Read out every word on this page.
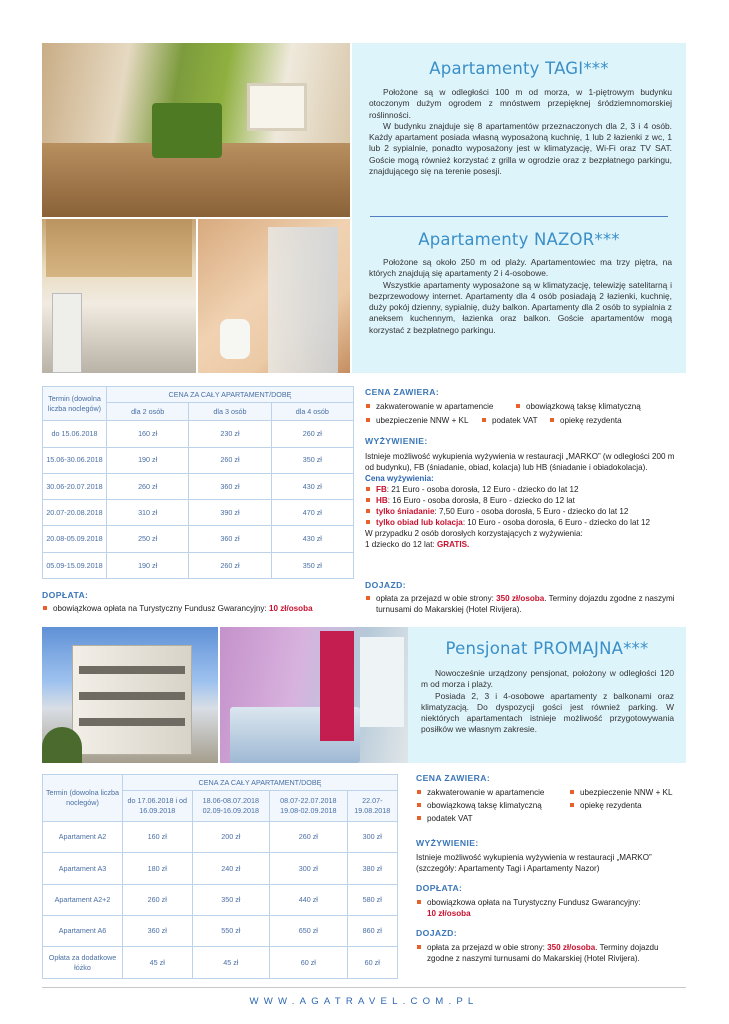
Apartamenty TAGI***

Położone są w odległości 100 m od morza, w 1-piętrowym budynku otoczonym dużym ogrodem z mnóstwem przepięknej śródziemnomorskiej roślinności.

W budynku znajduje się 8 apartamentów przeznaczonych dla 2, 3 i 4 osób. Każdy apartament posiada własną wyposażoną kuchnię, 1 lub 2 łazienki z wc, 1 lub 2 sypialnie, ponadto wyposażony jest w klimatyzację, Wi-Fi oraz TV SAT. Goście mogą również korzystać z grilla w ogrodzie oraz z bezpłatnego parkingu, znajdującego się na terenie posesji.

Apartamenty NAZOR***

Położone są około 250 m od plaży. Apartamentowiec ma trzy piętra, na których znajdują się apartamenty 2 i 4-osobowe.

Wszystkie apartamenty wyposażone są w klimatyzację, telewizję satelitarną i bezprzewodowy internet. Apartamenty dla 4 osób posiadają 2 łazienki, kuchnię, duży pokój dzienny, sypialnię, duży balkon. Apartamenty dla 2 osób to sypialnia z aneksem kuchennym, łazienka oraz balkon. Goście apartamentów mogą korzystać z bezpłatnego parkingu.

Termin (dowolna liczba noclegów)	CENA ZA CAŁY APARTAMENT/DOBĘ		
	dla 2 osób	dla 3 osób	dla 4 osób
do 15.06.2018	160 zł	230 zł	260 zł
15.06-30.06.2018	190 zł	260 zł	350 zł
30.06-20.07.2018	260 zł	360 zł	430 zł
20.07-20.08.2018	310 zł	390 zł	470 zł
20.08-05.09.2018	250 zł	360 zł	430 zł
05.09-15.09.2018	190 zł	260 zł	350 zł
DOPŁATA:
obowiązkowa opłata na Turystyczny Fundusz Gwarancyjny: 10 zł/osoba
CENA ZAWIERA:
zakwaterowanie w apartamencie	obowiązkową taksę klimatyczną
ubezpieczenie NNW + KL	podatek VAT	opiekę rezydenta
WYŻYWIENIE:
Istnieje możliwość wykupienia wyżywienia w restauracji „MARKO” (w odległości 200 m od budynku), FB (śniadanie, obiad, kolacja) lub HB (śniadanie i obiadokolacja).
Cena wyżywienia:
FB: 21 Euro - osoba dorosła, 12 Euro - dziecko do lat 12
HB: 16 Euro - osoba dorosła, 8 Euro - dziecko do 12 lat
tylko śniadanie: 7,50 Euro - osoba dorosła, 5 Euro - dziecko do lat 12
tylko obiad lub kolacja: 10 Euro - osoba dorosła, 6 Euro - dziecko do lat 12
W przypadku 2 osób dorosłych korzystających z wyżywienia:
1 dziecko do 12 lat: GRATIS.
DOJAZD:
opłata za przejazd w obie strony: 350 zł/osoba. Terminy dojazdu zgodne z naszymi turnusami do Makarskiej (Hotel Rivijera).
Pensjonat PROMAJNA***

Nowocześnie urządzony pensjonat, położony w odległości 120 m od morza i plaży.

Posiada 2, 3 i 4-osobowe apartamenty z balkonami oraz klimatyzacją. Do dyspozycji gości jest również parking. W niektórych apartamentach istnieje możliwość przygotowywania posiłków we własnym zakresie.

Termin (dowolna liczba noclegów)	CENA ZA CAŁY APARTAMENT/DOBĘ			
	do 17.06.2018 i od 16.09.2018	18.06-08.07.2018 02.09-16.09.2018	08.07-22.07.2018 19.08-02.09.2018	22.07-19.08.2018
Apartament A2	160 zł	200 zł	260 zł	300 zł
Apartament A3	180 zł	240 zł	300 zł	380 zł
Apartament A2+2	260 zł	350 zł	440 zł	580 zł
Apartament A6	360 zł	550 zł	650 zł	860 zł
Opłata za dodatkowe łóżko	45 zł	45 zł	60 zł	60 zł
CENA ZAWIERA:
zakwaterowanie w apartamencie	ubezpieczenie NNW + KL
obowiązkową taksę klimatyczną	opiekę rezydenta
podatek VAT
WYŻYWIENIE:
Istnieje możliwość wykupienia wyżywienia w restauracji „MARKO” (szczegóły: Apartamenty Tagi i Apartamenty Nazor)
DOPŁATA:
obowiązkowa opłata na Turystyczny Fundusz Gwarancyjny:
10 zł/osoba
DOJAZD:
opłata za przejazd w obie strony: 350 zł/osoba. Terminy dojazdu zgodne z naszymi turnusami do Makarskiej (Hotel Rivijera).
WWW.AGATRAVEL.COM.PL
